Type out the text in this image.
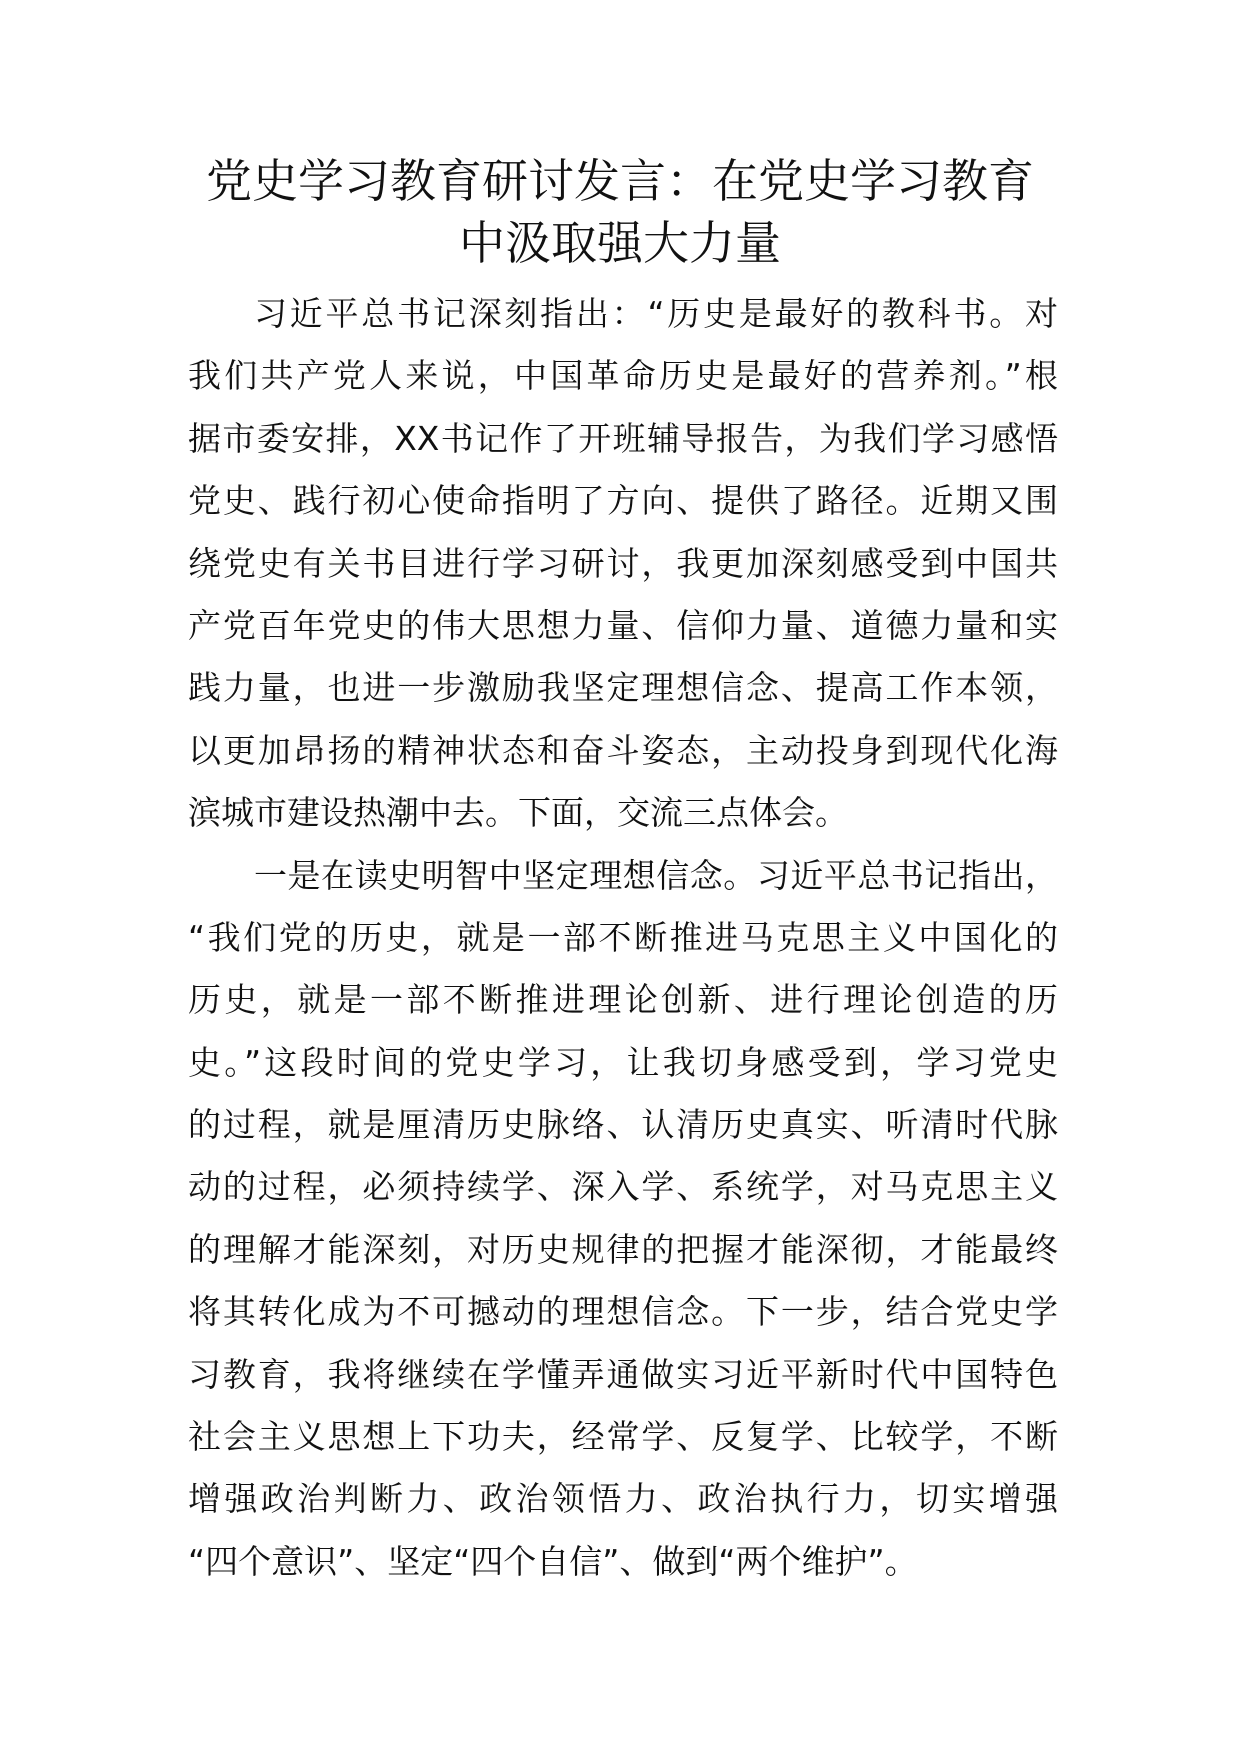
党史学习教育研讨发言：在党史学习教育
中汲取强大力量
习近平总书记深刻指出：“历史是最好的教科书。对
我们共产党人来说，中国革命历史是最好的营养剂。”根
据市委安排，XX书记作了开班辅导报告，为我们学习感悟
党史、践行初心使命指明了方向、提供了路径。近期又围
绕党史有关书目进行学习研讨，我更加深刻感受到中国共
产党百年党史的伟大思想力量、信仰力量、道德力量和实
践力量，也进一步激励我坚定理想信念、提高工作本领，
以更加昂扬的精神状态和奋斗姿态，主动投身到现代化海
滨城市建设热潮中去。下面，交流三点体会。
一是在读史明智中坚定理想信念。习近平总书记指出，
“我们党的历史，就是一部不断推进马克思主义中国化的
历史，就是一部不断推进理论创新、进行理论创造的历
史。”这段时间的党史学习，让我切身感受到，学习党史
的过程，就是厘清历史脉络、认清历史真实、听清时代脉
动的过程，必须持续学、深入学、系统学，对马克思主义
的理解才能深刻，对历史规律的把握才能深彻，才能最终
将其转化成为不可撼动的理想信念。下一步，结合党史学
习教育，我将继续在学懂弄通做实习近平新时代中国特色
社会主义思想上下功夫，经常学、反复学、比较学，不断
增强政治判断力、政治领悟力、政治执行力，切实增强
“四个意识”、坚定“四个自信”、做到“两个维护”。
